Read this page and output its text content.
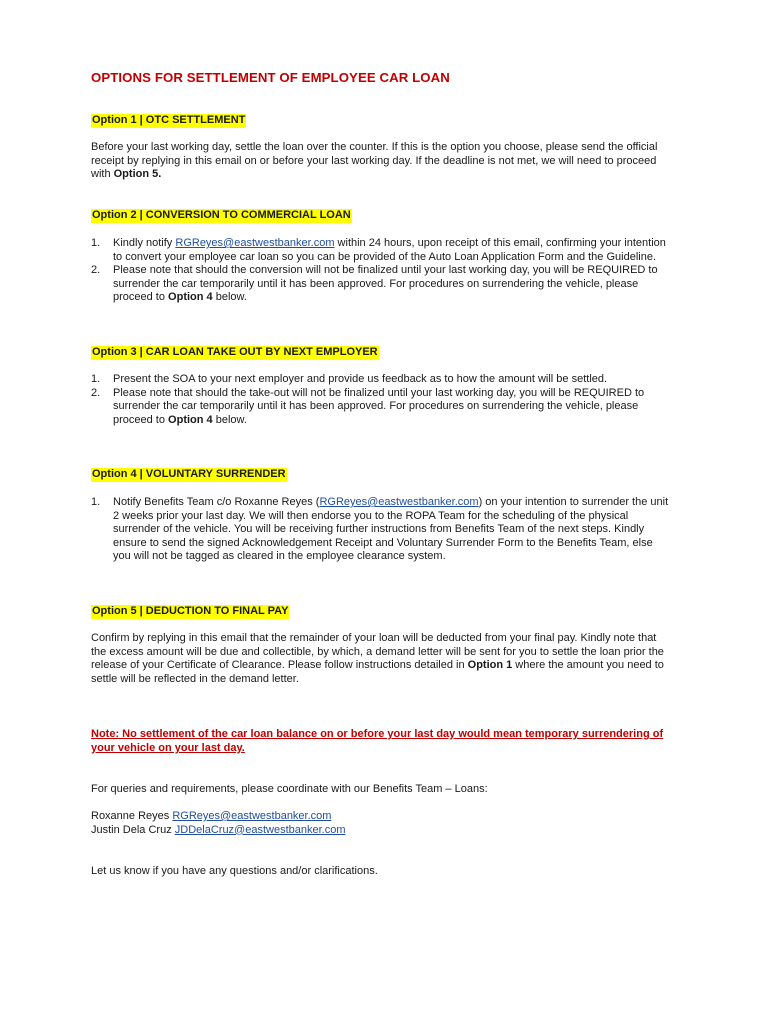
OPTIONS FOR SETTLEMENT OF EMPLOYEE CAR LOAN
Option 1 | OTC SETTLEMENT

Before your last working day, settle the loan over the counter. If this is the option you choose, please send the official receipt by replying in this email on or before your last working day. If the deadline is not met, we will need to proceed with Option 5.

Option 2 | CONVERSION TO COMMERCIAL LOAN
1. Kindly notify RGReyes@eastwestbanker.com within 24 hours, upon receipt of this email, confirming your intention to convert your employee car loan so you can be provided of the Auto Loan Application Form and the Guideline.
2. Please note that should the conversion will not be finalized until your last working day, you will be REQUIRED to surrender the car temporarily until it has been approved. For procedures on surrendering the vehicle, please proceed to Option 4 below.
Option 3 | CAR LOAN TAKE OUT BY NEXT EMPLOYER
1. Present the SOA to your next employer and provide us feedback as to how the amount will be settled.
2. Please note that should the take-out will not be finalized until your last working day, you will be REQUIRED to surrender the car temporarily until it has been approved. For procedures on surrendering the vehicle, please proceed to Option 4 below.
Option 4 | VOLUNTARY SURRENDER
1. Notify Benefits Team c/o Roxanne Reyes (RGReyes@eastwestbanker.com) on your intention to surrender the unit 2 weeks prior your last day. We will then endorse you to the ROPA Team for the scheduling of the physical surrender of the vehicle. You will be receiving further instructions from Benefits Team of the next steps. Kindly ensure to send the signed Acknowledgement Receipt and Voluntary Surrender Form to the Benefits Team, else you will not be tagged as cleared in the employee clearance system.
Option 5 | DEDUCTION TO FINAL PAY

Confirm by replying in this email that the remainder of your loan will be deducted from your final pay. Kindly note that the excess amount will be due and collectible, by which, a demand letter will be sent for you to settle the loan prior the release of your Certificate of Clearance. Please follow instructions detailed in Option 1 where the amount you need to settle will be reflected in the demand letter.

Note: No settlement of the car loan balance on or before your last day would mean temporary surrendering of your vehicle on your last day.
For queries and requirements, please coordinate with our Benefits Team – Loans:
Roxanne Reyes RGReyes@eastwestbanker.com
Justin Dela Cruz JDDelaCruz@eastwestbanker.com
Let us know if you have any questions and/or clarifications.
